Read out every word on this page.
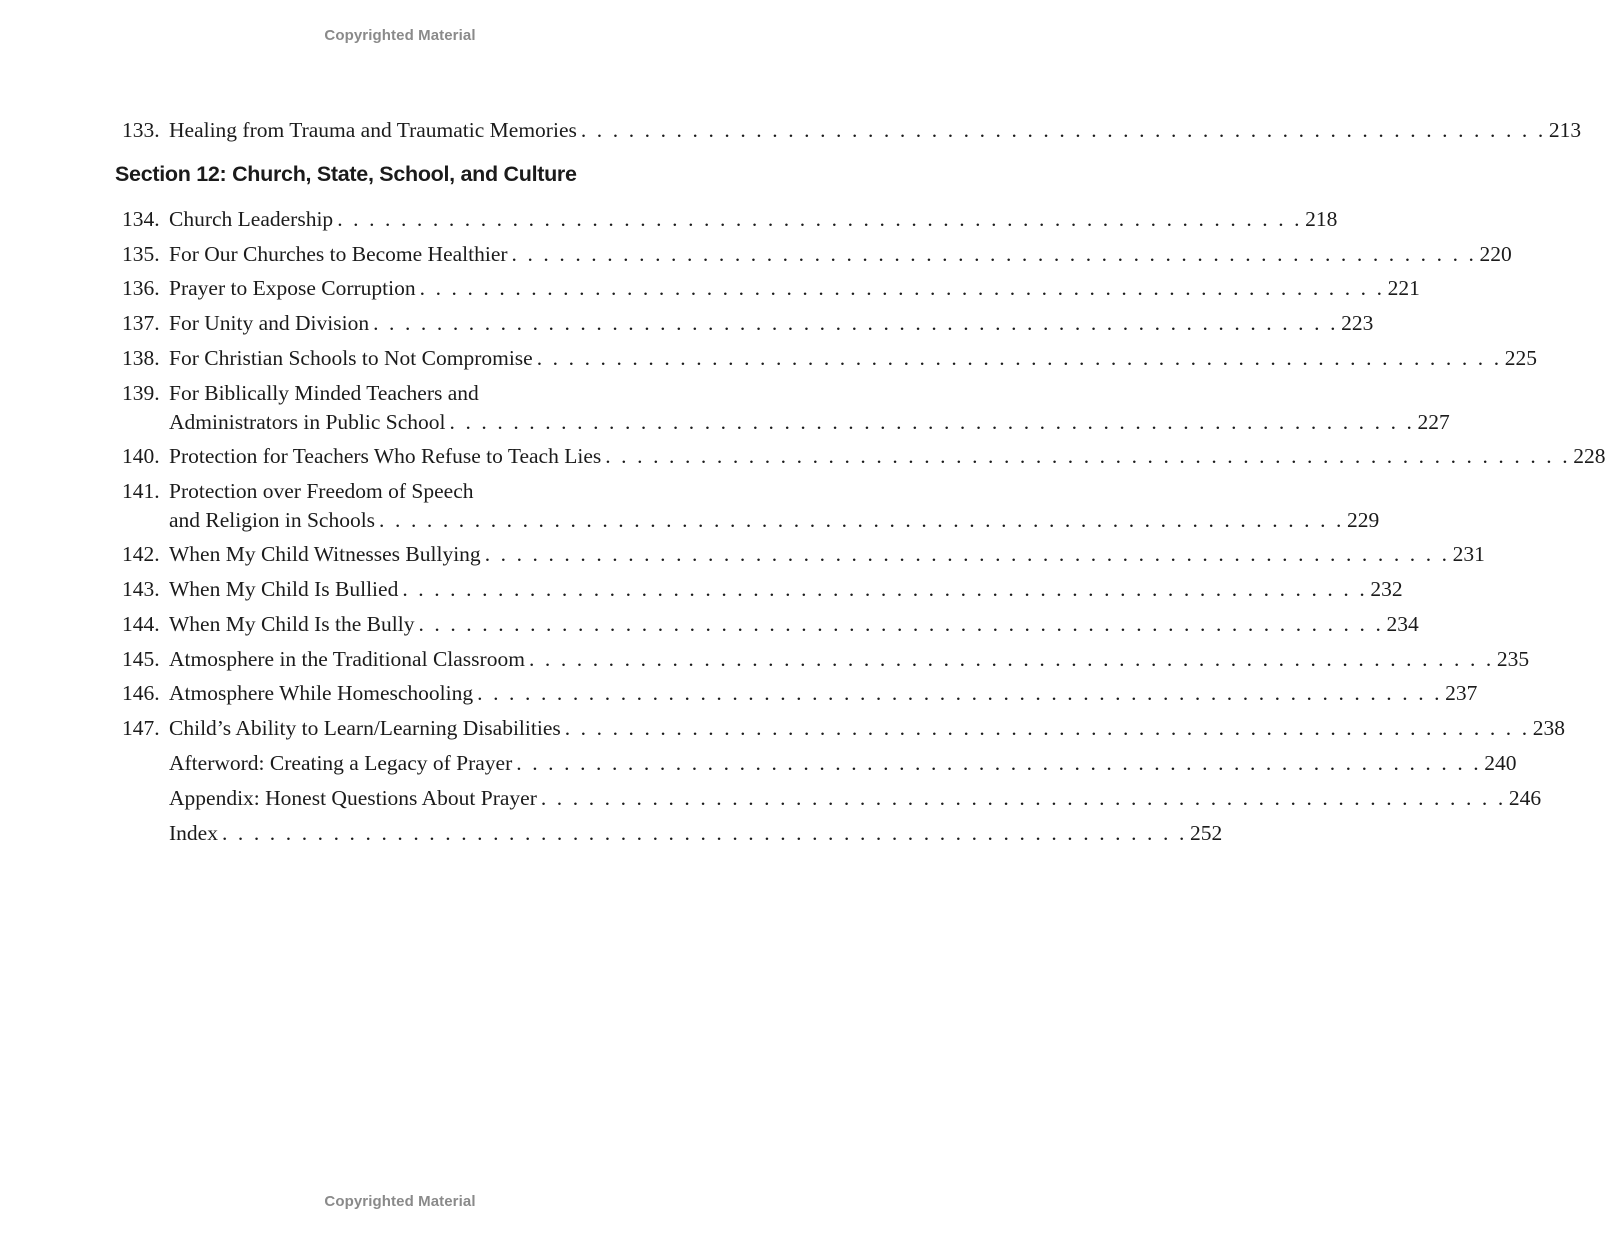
Copyrighted Material
133. Healing from Trauma and Traumatic Memories . . . . . . . . . . . . . . . . . . . . . . . . . . . . . . . . . . . . . . . . . . . . . . . . . . . . . . . . . . . . . 213
Section 12: Church, State, School, and Culture
134. Church Leadership . . . . . . . . . . . . . . . . . . . . . . . . . . . . . . . . . . . . . . . . . . . . . . . . . . . . . . . . . . . . . 218
135. For Our Churches to Become Healthier . . . . . . . . . . . . . . . . . . . . . . . . . . . . . . . . . . . . . . . . . . . . . . . . . . . . . . . . . . . . . 220
136. Prayer to Expose Corruption . . . . . . . . . . . . . . . . . . . . . . . . . . . . . . . . . . . . . . . . . . . . . . . . . . . . . . . . . . . . . 221
137. For Unity and Division . . . . . . . . . . . . . . . . . . . . . . . . . . . . . . . . . . . . . . . . . . . . . . . . . . . . . . . . . . . . . 223
138. For Christian Schools to Not Compromise . . . . . . . . . . . . . . . . . . . . . . . . . . . . . . . . . . . . . . . . . . . . . . . . . . . . . . . . . . . . . 225
139. For Biblically Minded Teachers and
Administrators in Public School . . . . . . . . . . . . . . . . . . . . . . . . . . . . . . . . . . . . . . . . . . . . . . . . . . . . . . . . . . . . . 227
140. Protection for Teachers Who Refuse to Teach Lies . . . . . . . . . . . . . . . . . . . . . . . . . . . . . . . . . . . . . . . . . . . . . . . . . . . . . . . . . . . . . 228
141. Protection over Freedom of Speech
and Religion in Schools . . . . . . . . . . . . . . . . . . . . . . . . . . . . . . . . . . . . . . . . . . . . . . . . . . . . . . . . . . . . . 229
142. When My Child Witnesses Bullying . . . . . . . . . . . . . . . . . . . . . . . . . . . . . . . . . . . . . . . . . . . . . . . . . . . . . . . . . . . . . 231
143. When My Child Is Bullied . . . . . . . . . . . . . . . . . . . . . . . . . . . . . . . . . . . . . . . . . . . . . . . . . . . . . . . . . . . . . 232
144. When My Child Is the Bully . . . . . . . . . . . . . . . . . . . . . . . . . . . . . . . . . . . . . . . . . . . . . . . . . . . . . . . . . . . . . 234
145. Atmosphere in the Traditional Classroom . . . . . . . . . . . . . . . . . . . . . . . . . . . . . . . . . . . . . . . . . . . . . . . . . . . . . . . . . . . . . 235
146. Atmosphere While Homeschooling . . . . . . . . . . . . . . . . . . . . . . . . . . . . . . . . . . . . . . . . . . . . . . . . . . . . . . . . . . . . . 237
147. Child’s Ability to Learn/Learning Disabilities . . . . . . . . . . . . . . . . . . . . . . . . . . . . . . . . . . . . . . . . . . . . . . . . . . . . . . . . . . . . . 238
Afterword: Creating a Legacy of Prayer . . . . . . . . . . . . . . . . . . . . . . . . . . . . . . . . . . . . . . . . . . . . . . . . . . . . . . . . . . . . . 240
Appendix: Honest Questions About Prayer . . . . . . . . . . . . . . . . . . . . . . . . . . . . . . . . . . . . . . . . . . . . . . . . . . . . . . . . . . . . . 246
Index . . . . . . . . . . . . . . . . . . . . . . . . . . . . . . . . . . . . . . . . . . . . . . . . . . . . . . . . . . . . . 252
Copyrighted Material
